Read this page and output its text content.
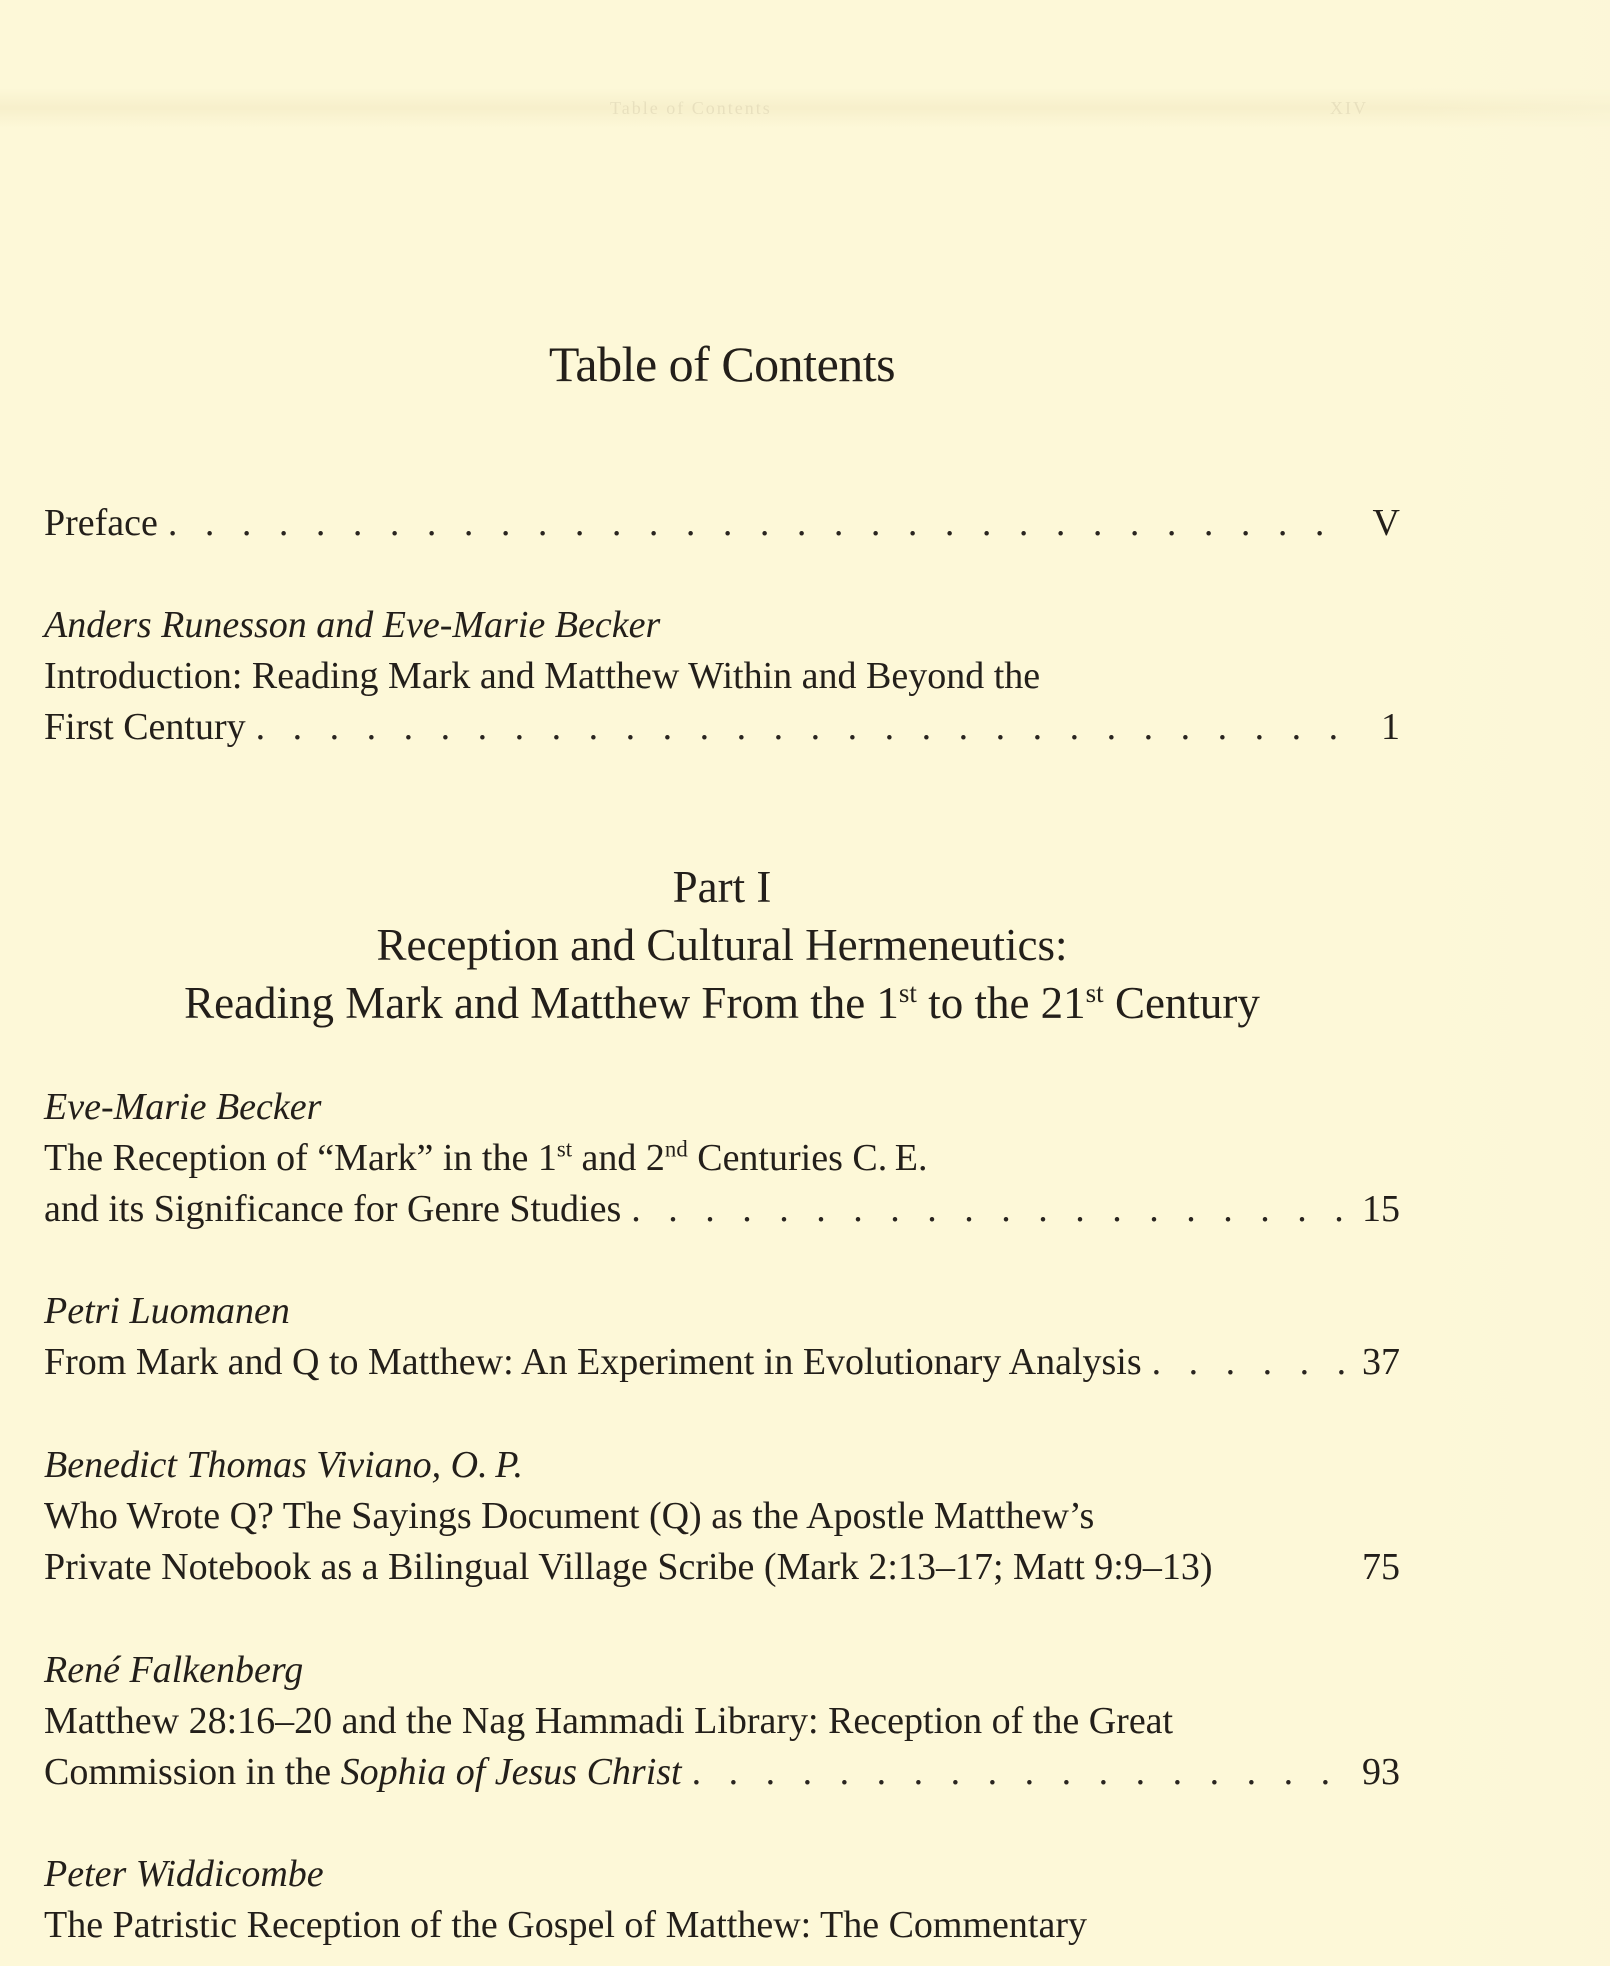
Table of Contents	XIV
Table of Contents
Preface . . .	V
Anders Runesson and Eve-Marie Becker
Introduction: Reading Mark and Matthew Within and Beyond the
First Century . . .	1
Part I
Reception and Cultural Hermeneutics:
Reading Mark and Matthew From the 1st to the 21st Century
Eve-Marie Becker
The Reception of “Mark” in the 1st and 2nd Centuries C. E.
and its Significance for Genre Studies . . .	15
Petri Luomanen
From Mark and Q to Matthew: An Experiment in Evolutionary Analysis . . .	37
Benedict Thomas Viviano, O. P.
Who Wrote Q? The Sayings Document (Q) as the Apostle Matthew’s
Private Notebook as a Bilingual Village Scribe (Mark 2:13–17; Matt 9:9–13)	75
René Falkenberg
Matthew 28:16–20 and the Nag Hammadi Library: Reception of the Great
Commission in the Sophia of Jesus Christ . . .	93
Peter Widdicombe
The Patristic Reception of the Gospel of Matthew: The Commentary
